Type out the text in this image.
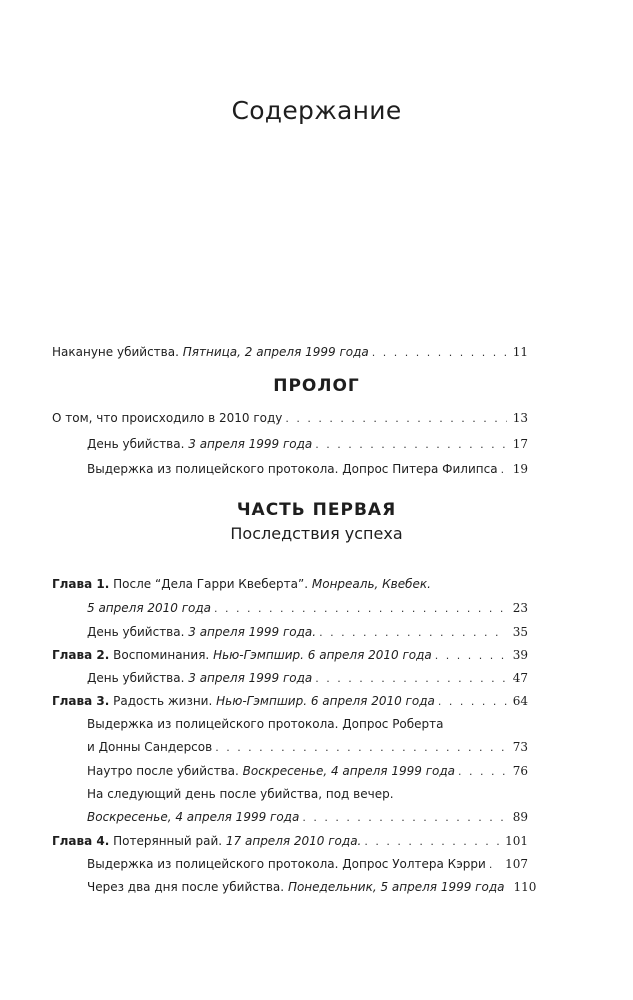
Содержание
Накануне убийства. Пятница, 2 апреля 1999 года . . .	11
ПРОЛОГ
О том, что происходило в 2010 году . . .	13
День убийства. 3 апреля 1999 года . . .	17
Выдержка из полицейского протокола. Допрос Питера Филипса . . . 19
ЧАСТЬ ПЕРВАЯ
Последствия успеха
Глава 1. После “Дела Гарри Квеберта”. Монреаль, Квебек.
5 апреля 2010 года . . .	23
День убийства. 3 апреля 1999 года. . . .	35
Глава 2. Воспоминания. Нью-Гэмпшир. 6 апреля 2010 года . . .	39
День убийства. 3 апреля 1999 года . . .	47
Глава 3. Радость жизни. Нью-Гэмпшир. 6 апреля 2010 года . . .	64
Выдержка из полицейского протокола. Допрос Роберта
и Донны Сандерсов . . .	73
Наутро после убийства. Воскресенье, 4 апреля 1999 года . . .	76
На следующий день после убийства, под вечер.
Воскресенье, 4 апреля 1999 года . . .	89
Глава 4. Потерянный рай. 17 апреля 2010 года. . . .	101
Выдержка из полицейского протокола. Допрос Уолтера Кэрри . . . 107
Через два дня после убийства. Понедельник, 5 апреля 1999 года 110
